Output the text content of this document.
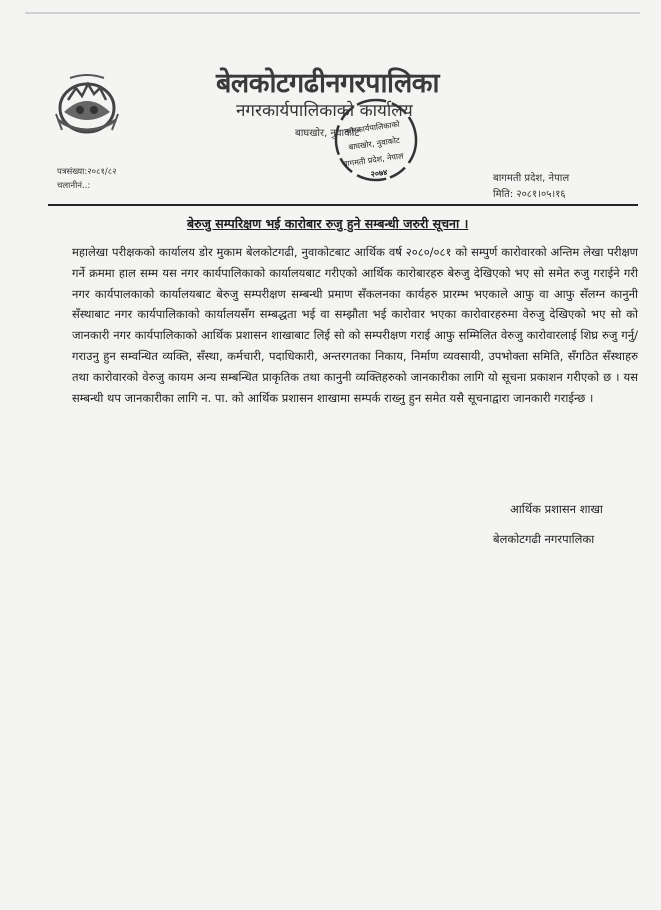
बेलकोटगढीनगरपालिका
नगरकार्यपालिकाको कार्यालय
बाघखोर, नुवाकोट
नगरकार्यपालिकाको
बाघखोर, नुवाकोट
बागमती प्रदेश, नेपाल
२०७४
पत्रसंख्या:२०८१/८२
चलानीनं..:
बागमती प्रदेश, नेपाल
मिति: २०८१।०५।१६
बेरुजु सम्परिक्षण भई कारोबार रुजु हुने सम्बन्धी जरुरी सूचना ।
महालेखा परीक्षकको कार्यालय डोर मुकाम बेलकोटगढी, नुवाकोटबाट आर्थिक वर्ष २०८०/०८१ को सम्पुर्ण कारोवारको अन्तिम लेखा परीक्षण गर्ने क्रममा हाल सम्म यस नगर कार्यपालिकाको कार्यालयबाट गरीएको आर्थिक कारोबारहरु बेरुजु देखिएको भए सो समेत रुजु गराईने गरी नगर कार्यपालकाको कार्यालयबाट बेरुजु सम्परीक्षण सम्बन्धी प्रमाण सँकलनका कार्यहरु प्रारम्भ भएकाले आफु वा आफु सँलग्न कानुनी सँस्थाबाट नगर कार्यपालिकाको कार्यालयसँग सम्बद्धता भई वा सम्झौता भई कारोवार भएका कारोवारहरुमा वेरुजु देखिएको भए सो को जानकारी नगर कार्यपालिकाको आर्थिक प्रशासन शाखाबाट लिई सो को सम्परीक्षण गराई आफु सम्मिलित वेरुजु कारोवारलाई शिघ्र रुजु गर्नु/गराउनु हुन सम्वन्धित व्यक्ति, सँस्था, कर्मचारी, पदाधिकारी, अन्तरगतका निकाय, निर्माण व्यवसायी, उपभोक्ता समिति, सँगठित सँस्थाहरु तथा कारोवारको वेरुजु कायम अन्य सम्बन्धित प्राकृतिक तथा कानुनी व्यक्तिहरुको जानकारीका लागि यो सूचना प्रकाशन गरीएको छ । यस सम्बन्धी थप जानकारीका लागि न. पा. को आर्थिक प्रशासन शाखामा सम्पर्क राख्नु हुन समेत यसै सूचनाद्वारा जानकारी गराईन्छ ।
आर्थिक प्रशासन शाखा
बेलकोटगढी नगरपालिका
